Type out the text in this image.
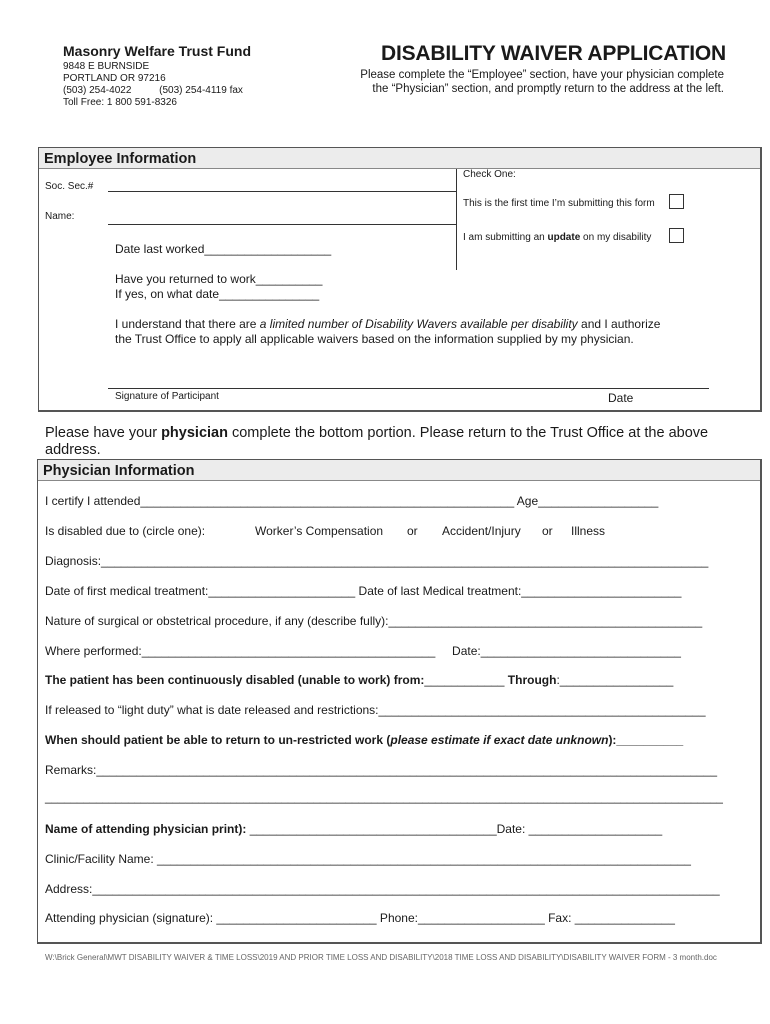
Masonry Welfare Trust Fund
9848 E BURNSIDE
PORTLAND OR 97216
(503) 254-4022          (503) 254-4119 fax
Toll Free: 1 800 591-8326
DISABILITY WAIVER APPLICATION
Please complete the “Employee” section, have your physician complete
the “Physician” section, and promptly return to the address at the left.
Employee Information
Soc. Sec.#
Name:
Check One:
This is the first time I’m submitting this form
I am submitting an update on my disability
Date last worked___________________
Have you returned to work__________
If yes, on what date_______________
I understand that there are a limited number of Disability Wavers available per disability and I authorize
the Trust Office to apply all applicable waivers based on the information supplied by my physician.
Signature of Participant	Date
Please have your physician complete the bottom portion. Please return to the Trust Office at the above address.
Physician Information
I certify I attended________________________________________________________ Age__________________
Is disabled due to (circle one):	Worker’s Compensation or Accident/Injury or Illness
Diagnosis:___________________________________________________________________________________________
Date of first medical treatment:______________________ Date of last Medical treatment:________________________
Nature of surgical or obstetrical procedure, if any (describe fully):_______________________________________________
Where performed:____________________________________________     Date:______________________________
The patient has been continuously disabled (unable to work) from:____________ Through:_________________
If released to “light duty” what is date released and restrictions:_________________________________________________
When should patient be able to return to un-restricted work (please estimate if exact date unknown):__________
Remarks:_____________________________________________________________________________________________
__________________________________________________________________________________________________________
Name of attending physician print): _____________________________________Date: ____________________
Clinic/Facility Name: ________________________________________________________________________________
Address:______________________________________________________________________________________________
Attending physician (signature): ________________________ Phone:___________________ Fax: _______________
W:\Brick General\MWT DISABILITY WAIVER & TIME LOSS\2019 AND PRIOR TIME LOSS AND DISABILITY\2018 TIME LOSS AND DISABILITY\DISABILITY WAIVER FORM - 3 month.doc
